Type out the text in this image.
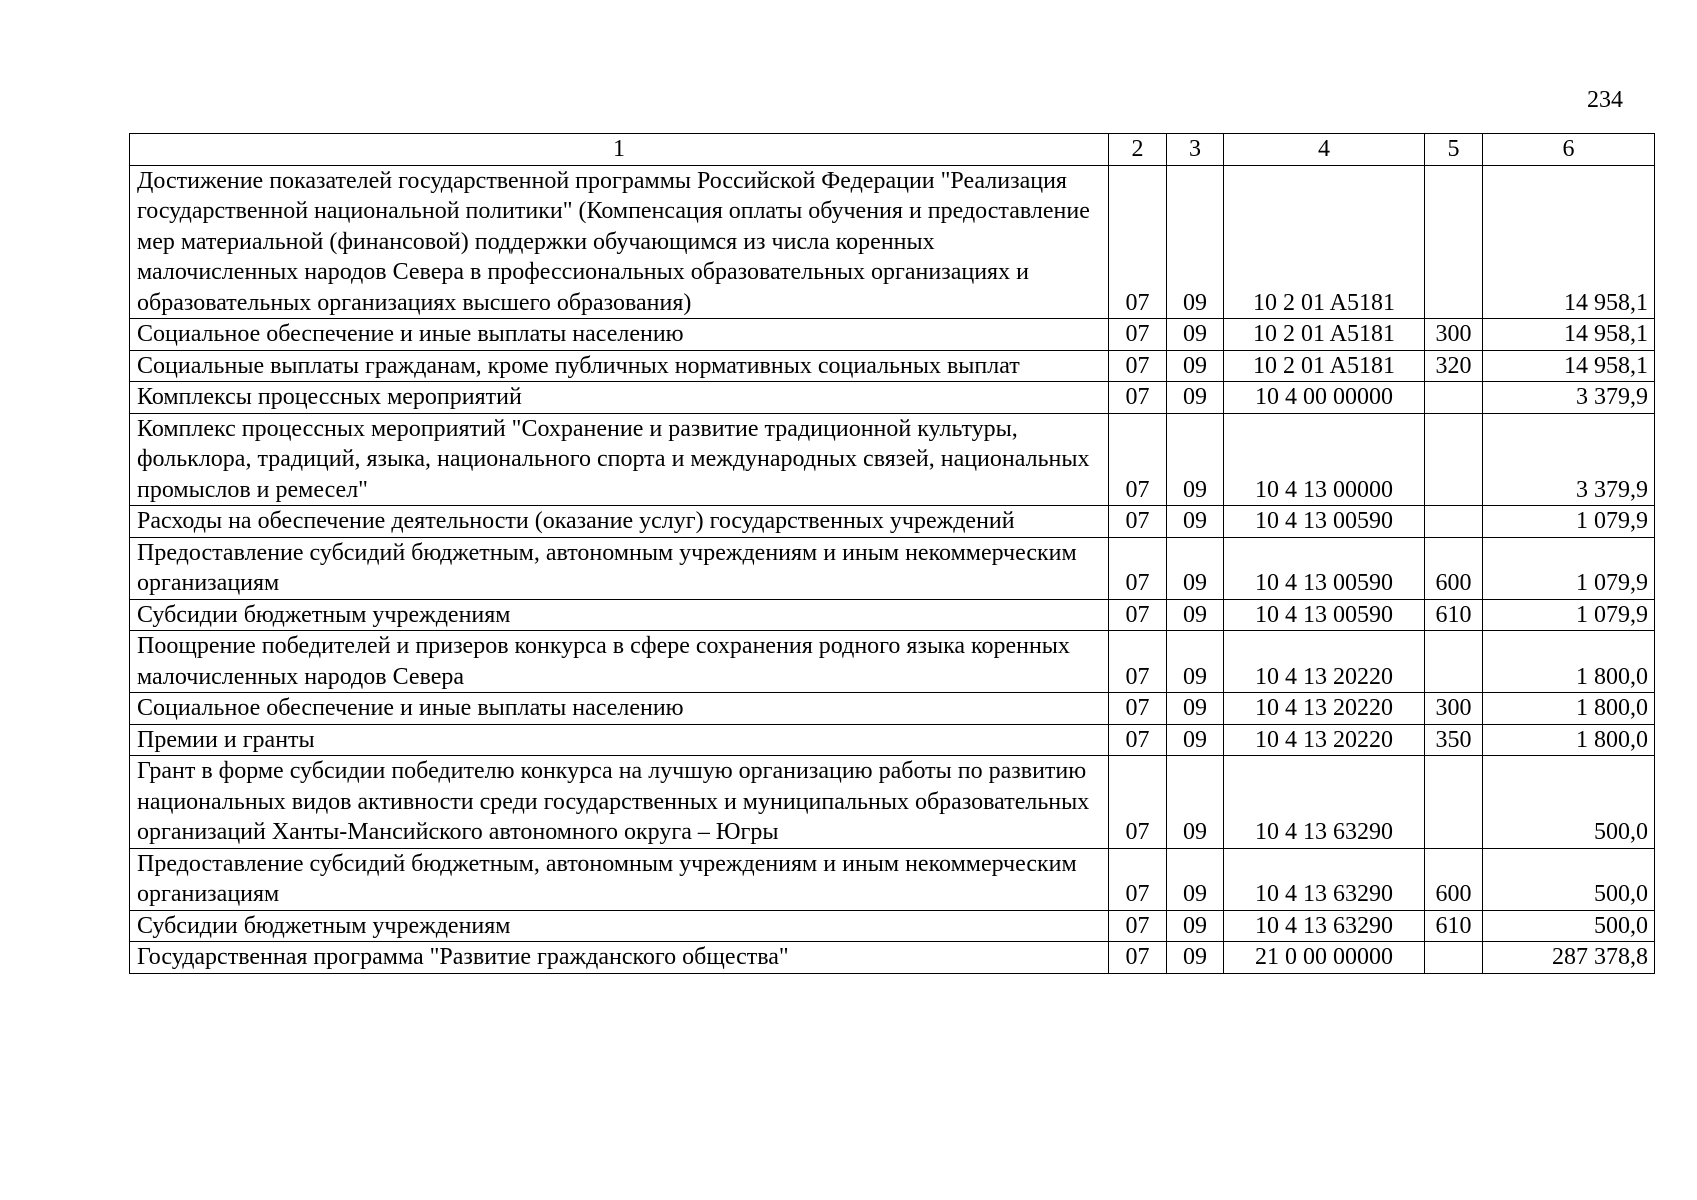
234
1	2	3	4	5	6
Достижение показателей государственной программы Российской Федерации "Реализация государственной национальной политики" (Компенсация оплаты обучения и предоставление мер материальной (финансовой) поддержки обучающимся из числа коренных малочисленных народов Севера в профессиональных образовательных организациях и образовательных организациях высшего образования)	07	09	10 2 01 A5181		14 958,1
Социальное обеспечение и иные выплаты населению	07	09	10 2 01 A5181	300	14 958,1
Социальные выплаты гражданам, кроме публичных нормативных социальных выплат	07	09	10 2 01 A5181	320	14 958,1
Комплексы процессных мероприятий	07	09	10 4 00 00000		3 379,9
Комплекс процессных мероприятий "Сохранение и развитие традиционной культуры, фольклора, традиций, языка, национального спорта и международных связей, национальных промыслов и ремесел"	07	09	10 4 13 00000		3 379,9
Расходы на обеспечение деятельности (оказание услуг) государственных учреждений	07	09	10 4 13 00590		1 079,9
Предоставление субсидий бюджетным, автономным учреждениям и иным некоммерческим организациям	07	09	10 4 13 00590	600	1 079,9
Субсидии бюджетным учреждениям	07	09	10 4 13 00590	610	1 079,9
Поощрение победителей и призеров конкурса в сфере сохранения родного языка коренных малочисленных народов Севера	07	09	10 4 13 20220		1 800,0
Социальное обеспечение и иные выплаты населению	07	09	10 4 13 20220	300	1 800,0
Премии и гранты	07	09	10 4 13 20220	350	1 800,0
Грант в форме субсидии победителю конкурса на лучшую организацию работы по развитию национальных видов активности среди государственных и муниципальных образовательных организаций Ханты-Мансийского автономного округа – Югры	07	09	10 4 13 63290		500,0
Предоставление субсидий бюджетным, автономным учреждениям и иным некоммерческим организациям	07	09	10 4 13 63290	600	500,0
Субсидии бюджетным учреждениям	07	09	10 4 13 63290	610	500,0
Государственная программа "Развитие гражданского общества"	07	09	21 0 00 00000		287 378,8
